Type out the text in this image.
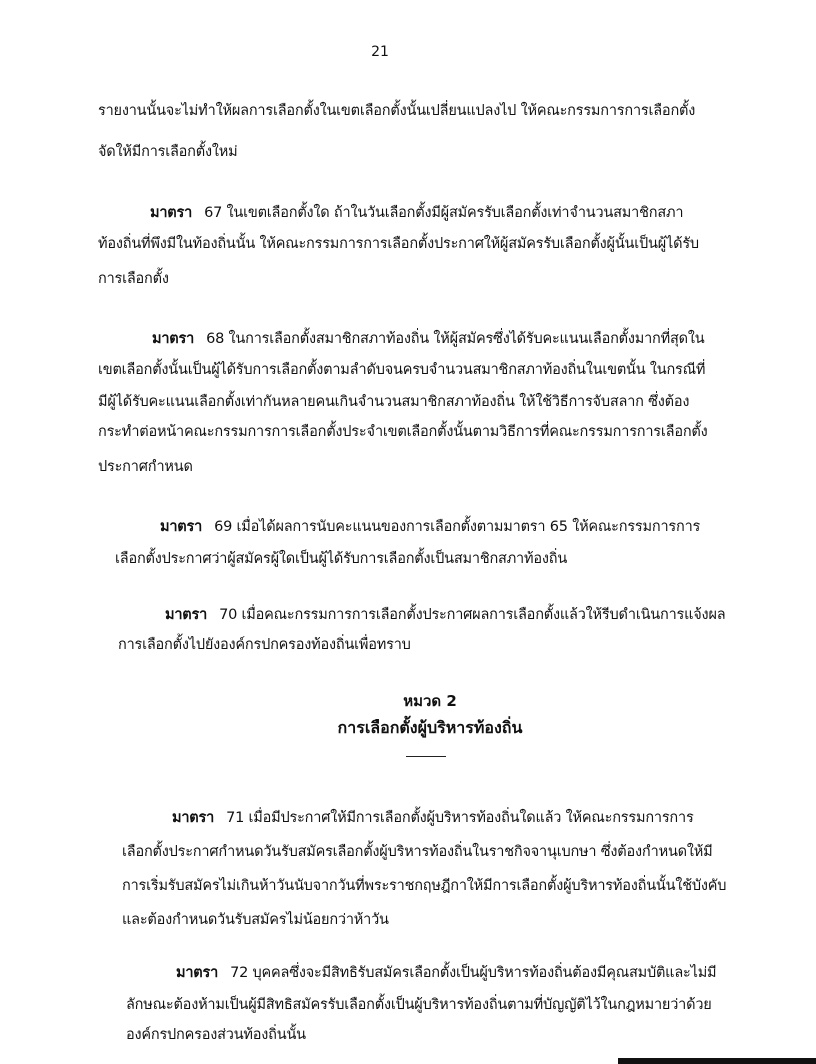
21
รายงานนั้นจะไม่ทำให้ผลการเลือกตั้งในเขตเลือกตั้งนั้นเปลี่ยนแปลงไป ให้คณะกรรมการการเลือกตั้ง
จัดให้มีการเลือกตั้งใหม่
มาตรา 67 ในเขตเลือกตั้งใด ถ้าในวันเลือกตั้งมีผู้สมัครรับเลือกตั้งเท่าจำนวนสมาชิกสภา
ท้องถิ่นที่พึงมีในท้องถิ่นนั้น ให้คณะกรรมการการเลือกตั้งประกาศให้ผู้สมัครรับเลือกตั้งผู้นั้นเป็นผู้ได้รับ
การเลือกตั้ง
มาตรา 68 ในการเลือกตั้งสมาชิกสภาท้องถิ่น ให้ผู้สมัครซึ่งได้รับคะแนนเลือกตั้งมากที่สุดใน
เขตเลือกตั้งนั้นเป็นผู้ได้รับการเลือกตั้งตามลำดับจนครบจำนวนสมาชิกสภาท้องถิ่นในเขตนั้น ในกรณีที่
มีผู้ได้รับคะแนนเลือกตั้งเท่ากันหลายคนเกินจำนวนสมาชิกสภาท้องถิ่น ให้ใช้วิธีการจับสลาก ซึ่งต้อง
กระทำต่อหน้าคณะกรรมการการเลือกตั้งประจำเขตเลือกตั้งนั้นตามวิธีการที่คณะกรรมการการเลือกตั้ง
ประกาศกำหนด
มาตรา 69 เมื่อได้ผลการนับคะแนนของการเลือกตั้งตามมาตรา 65 ให้คณะกรรมการการ
เลือกตั้งประกาศว่าผู้สมัครผู้ใดเป็นผู้ได้รับการเลือกตั้งเป็นสมาชิกสภาท้องถิ่น
มาตรา 70 เมื่อคณะกรรมการการเลือกตั้งประกาศผลการเลือกตั้งแล้วให้รีบดำเนินการแจ้งผล
การเลือกตั้งไปยังองค์กรปกครองท้องถิ่นเพื่อทราบ
หมวด 2
การเลือกตั้งผู้บริหารท้องถิ่น
มาตรา 71 เมื่อมีประกาศให้มีการเลือกตั้งผู้บริหารท้องถิ่นใดแล้ว ให้คณะกรรมการการ
เลือกตั้งประกาศกำหนดวันรับสมัครเลือกตั้งผู้บริหารท้องถิ่นในราชกิจจานุเบกษา ซึ่งต้องกำหนดให้มี
การเริ่มรับสมัครไม่เกินห้าวันนับจากวันที่พระราชกฤษฎีกาให้มีการเลือกตั้งผู้บริหารท้องถิ่นนั้นใช้บังคับ
และต้องกำหนดวันรับสมัครไม่น้อยกว่าห้าวัน
มาตรา 72 บุคคลซึ่งจะมีสิทธิรับสมัครเลือกตั้งเป็นผู้บริหารท้องถิ่นต้องมีคุณสมบัติและไม่มี
ลักษณะต้องห้ามเป็นผู้มีสิทธิสมัครรับเลือกตั้งเป็นผู้บริหารท้องถิ่นตามที่บัญญัติไว้ในกฎหมายว่าด้วย
องค์กรปกครองส่วนท้องถิ่นนั้น
